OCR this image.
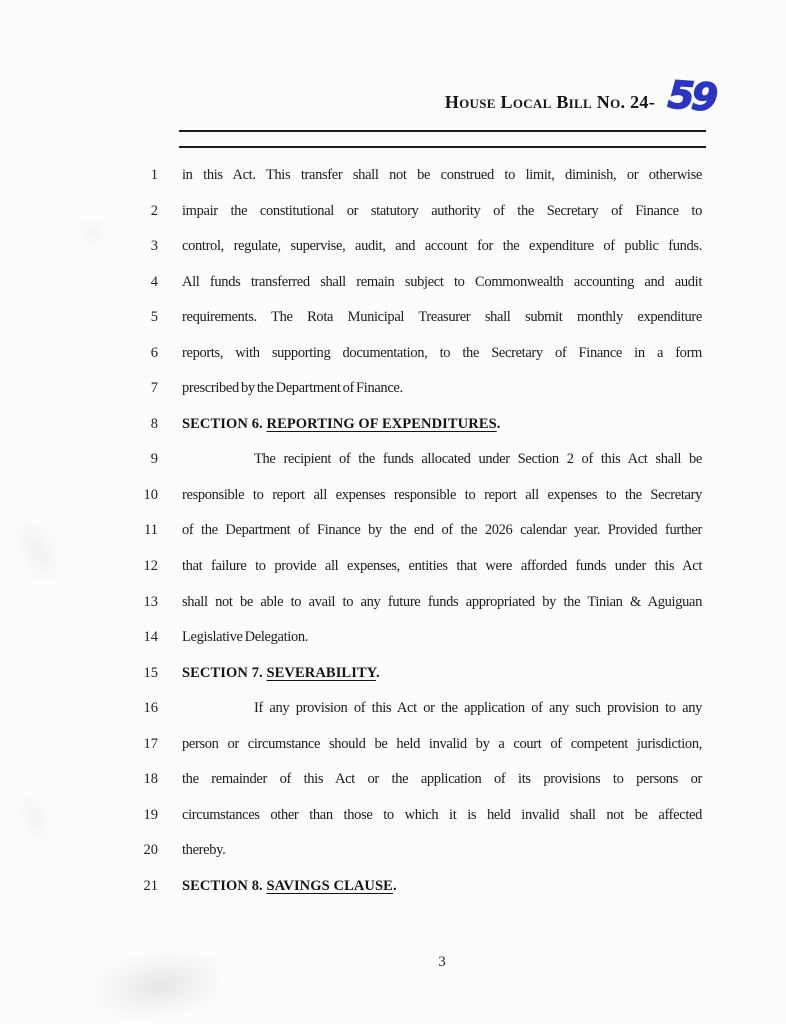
House Local Bill No. 24- 59
1 in this Act. This transfer shall not be construed to limit, diminish, or otherwise
2 impair the constitutional or statutory authority of the Secretary of Finance to
3 control, regulate, supervise, audit, and account for the expenditure of public funds.
4 All funds transferred shall remain subject to Commonwealth accounting and audit
5 requirements. The Rota Municipal Treasurer shall submit monthly expenditure
6 reports, with supporting documentation, to the Secretary of Finance in a form
7 prescribed by the Department of Finance.
8 SECTION 6. REPORTING OF EXPENDITURES.
9	The recipient of the funds allocated under Section 2 of this Act shall be
10 responsible to report all expenses responsible to report all expenses to the Secretary
11 of the Department of Finance by the end of the 2026 calendar year. Provided further
12 that failure to provide all expenses, entities that were afforded funds under this Act
13 shall not be able to avail to any future funds appropriated by the Tinian & Aguiguan
14 Legislative Delegation.
15 SECTION 7. SEVERABILITY.
16	If any provision of this Act or the application of any such provision to any
17 person or circumstance should be held invalid by a court of competent jurisdiction,
18 the remainder of this Act or the application of its provisions to persons or
19 circumstances other than those to which it is held invalid shall not be affected
20 thereby.
21 SECTION 8. SAVINGS CLAUSE.
3
